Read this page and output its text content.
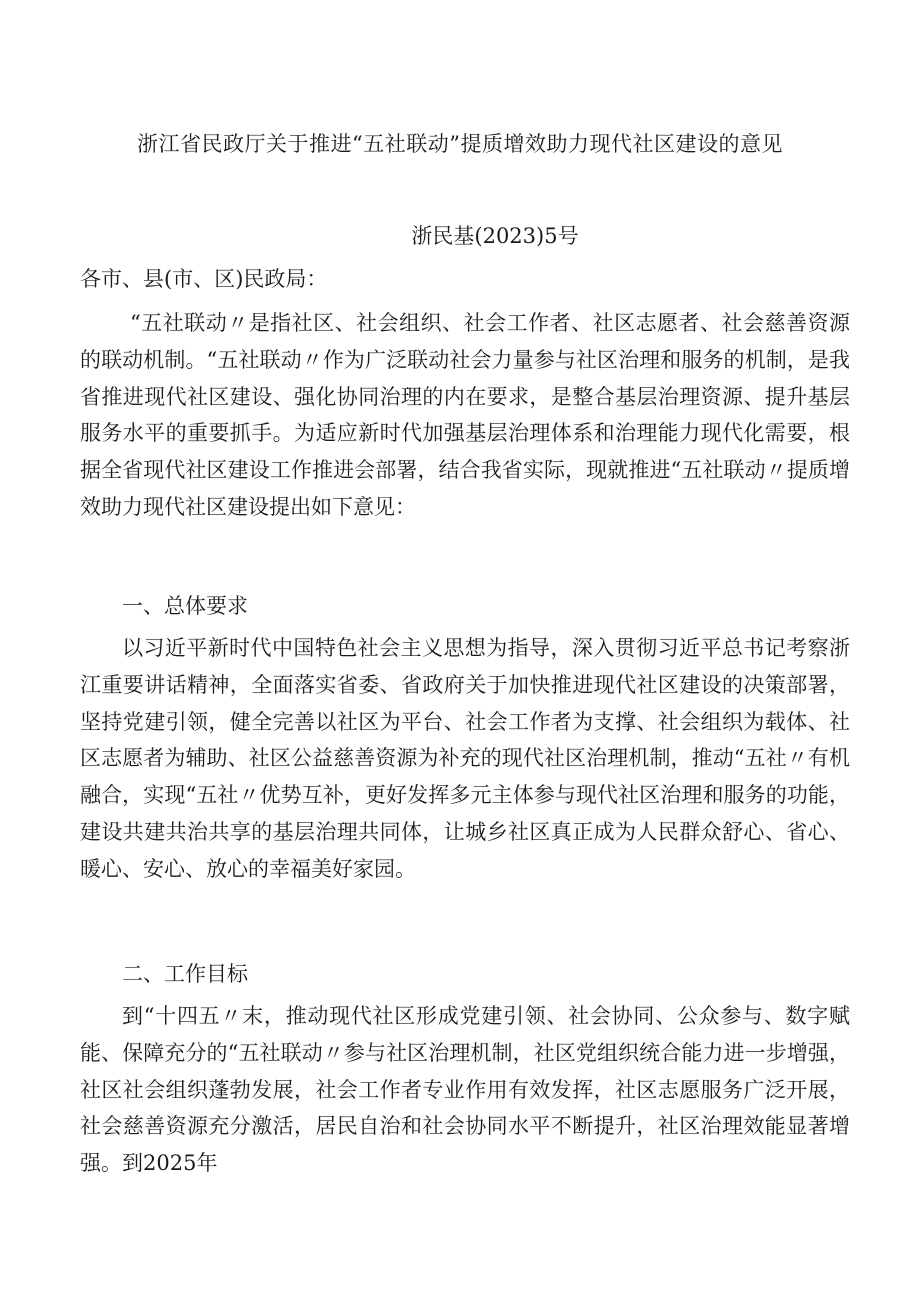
浙江省民政厅关于推进“五社联动”提质增效助力现代社区建设的意见
浙民基(2023)5号
各市、县(市、区)民政局：
“五社联动〃是指社区、社会组织、社会工作者、社区志愿者、社会慈善资源的联动机制。“五社联动〃作为广泛联动社会力量参与社区治理和服务的机制，是我省推进现代社区建设、强化协同治理的内在要求，是整合基层治理资源、提升基层服务水平的重要抓手。为适应新时代加强基层治理体系和治理能力现代化需要，根据全省现代社区建设工作推进会部署，结合我省实际，现就推进“五社联动〃提质增效助力现代社区建设提出如下意见：
一、总体要求
以习近平新时代中国特色社会主义思想为指导，深入贯彻习近平总书记考察浙江重要讲话精神，全面落实省委、省政府关于加快推进现代社区建设的决策部署，坚持党建引领，健全完善以社区为平台、社会工作者为支撑、社会组织为载体、社区志愿者为辅助、社区公益慈善资源为补充的现代社区治理机制，推动“五社〃有机融合，实现“五社〃优势互补，更好发挥多元主体参与现代社区治理和服务的功能，建设共建共治共享的基层治理共同体，让城乡社区真正成为人民群众舒心、省心、暖心、安心、放心的幸福美好家园。
二、工作目标
到“十四五〃末，推动现代社区形成党建引领、社会协同、公众参与、数字赋能、保障充分的“五社联动〃参与社区治理机制，社区党组织统合能力进一步增强，社区社会组织蓬勃发展，社会工作者专业作用有效发挥，社区志愿服务广泛开展，社会慈善资源充分激活，居民自治和社会协同水平不断提升，社区治理效能显著增强。到2025年
